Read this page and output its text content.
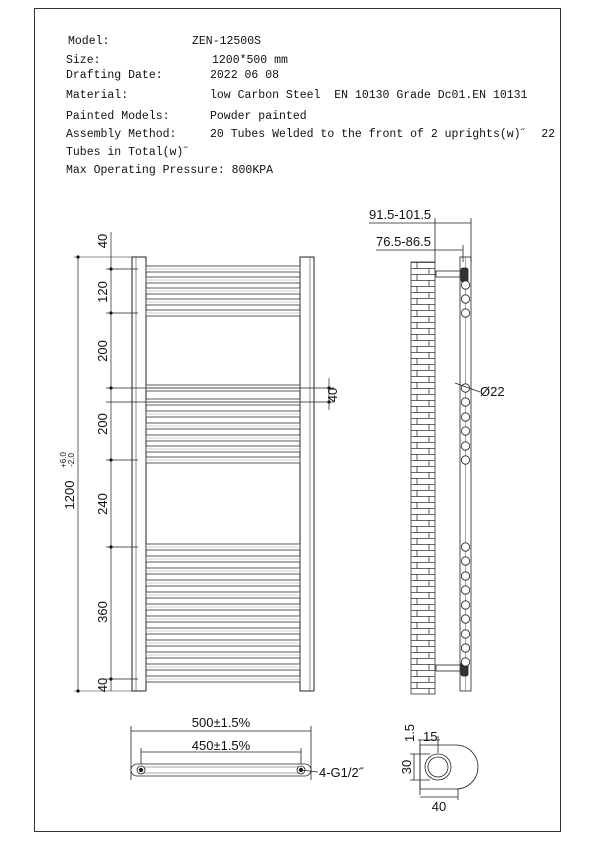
Model:	ZEN-12500S
Size:	1200*500 mm
Drafting Date:	2022 06 08
Material:	low Carbon Steel  EN 10130 Grade Dc01.EN 10131
Painted Models:	Powder painted
Assembly Method:	20 Tubes Welded to the front of 2 uprights(w)˝  22
Tubes in Total(w)˝
Max Operating Pressure: 800KPA
40
120
200
200
240
360
40
1200
+6.0 -2.0
40
91.5-101.5
76.5-86.5
Ø22
500±1.5%
450±1.5%
4-G1/2˝
1.5 15
30
40
